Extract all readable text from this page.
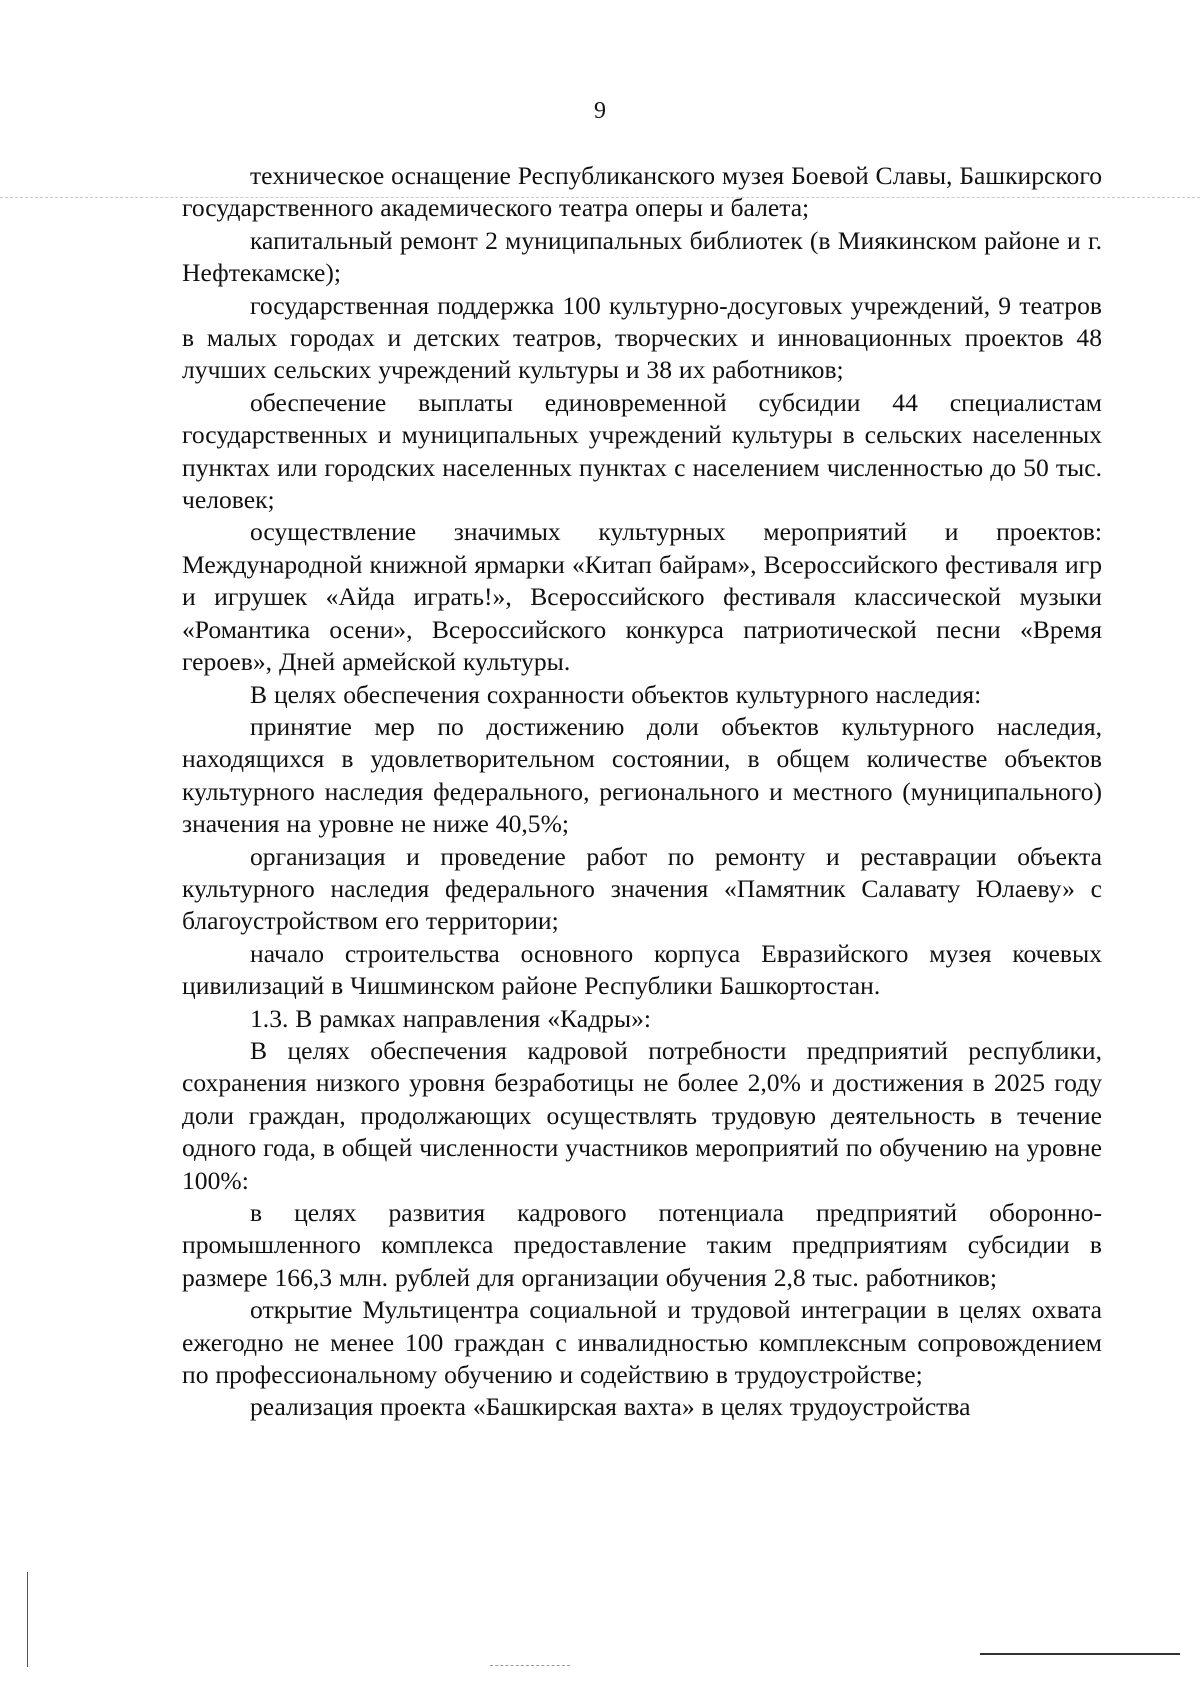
9

техническое оснащение Республиканского музея Боевой Славы, Башкирского государственного академического театра оперы и балета;

капитальный ремонт 2 муниципальных библиотек (в Миякинском районе и г. Нефтекамске);

государственная поддержка 100 культурно-досуговых учреждений, 9 театров в малых городах и детских театров, творческих и инновационных проектов 48 лучших сельских учреждений культуры и 38 их работников;

обеспечение выплаты единовременной субсидии 44 специалистам государственных и муниципальных учреждений культуры в сельских населенных пунктах или городских населенных пунктах с населением численностью до 50 тыс. человек;

осуществление значимых культурных мероприятий и проектов: Международной книжной ярмарки «Китап байрам», Всероссийского фестиваля игр и игрушек «Айда играть!», Всероссийского фестиваля классической музыки «Романтика осени», Всероссийского конкурса патриотической песни «Время героев», Дней армейской культуры.

В целях обеспечения сохранности объектов культурного наследия:

принятие мер по достижению доли объектов культурного наследия, находящихся в удовлетворительном состоянии, в общем количестве объектов культурного наследия федерального, регионального и местного (муниципального) значения на уровне не ниже 40,5%;

организация и проведение работ по ремонту и реставрации объекта культурного наследия федерального значения «Памятник Салавату Юлаеву» с благоустройством его территории;

начало строительства основного корпуса Евразийского музея кочевых цивилизаций в Чишминском районе Республики Башкортостан.

1.3. В рамках направления «Кадры»:

В целях обеспечения кадровой потребности предприятий республики, сохранения низкого уровня безработицы не более 2,0% и достижения в 2025 году доли граждан, продолжающих осуществлять трудовую деятельность в течение одного года, в общей численности участников мероприятий по обучению на уровне 100%:

в целях развития кадрового потенциала предприятий оборонно-промышленного комплекса предоставление таким предприятиям субсидии в размере 166,3 млн. рублей для организации обучения 2,8 тыс. работников;

открытие Мультицентра социальной и трудовой интеграции в целях охвата ежегодно не менее 100 граждан с инвалидностью комплексным сопровождением по профессиональному обучению и содействию в трудоустройстве;

реализация проекта «Башкирская вахта» в целях трудоустройства
